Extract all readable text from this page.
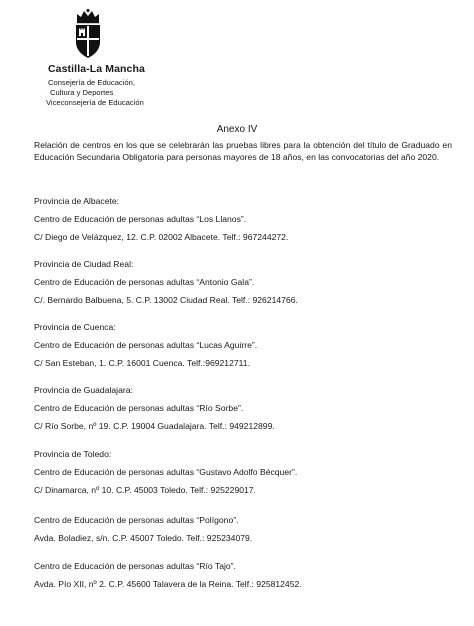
Castilla-La Mancha
Consejería de Educación,
Cultura y Deportes
Viceconsejería de Educación
Anexo IV
Relación de centros en los que se celebrarán las pruebas libres para la obtención del título de Graduado en Educación Secundaria Obligatoria para personas mayores de 18 años, en las convocatorias del año 2020.

Provincia de Albacete:

Centro de Educación de personas adultas “Los Llanos”.

C/ Diego de Velázquez, 12. C.P. 02002 Albacete. Telf.: 967244272.

Provincia de Ciudad Real:

Centro de Educación de personas adultas “Antonio Gala”.

C/. Bernardo Balbuena, 5. C.P. 13002 Ciudad Real. Telf.: 926214766.

Provincia de Cuenca:

Centro de Educación de personas adultas “Lucas Aguirre”.

C/ San Esteban, 1. C.P. 16001 Cuenca. Telf.:969212711.

Provincia de Guadalajara:

Centro de Educación de personas adultas “Río Sorbe”.

C/ Río Sorbe, nº 19. C.P. 19004 Guadalajara. Telf.: 949212899.

Provincia de Toledo:

Centro de Educación de personas adultas “Gustavo Adolfo Bécquer”.

C/ Dinamarca, nº 10. C.P. 45003 Toledo. Telf.: 925229017.

Centro de Educación de personas adultas “Polígono”.

Avda. Boladiez, s/n. C.P. 45007 Toledo. Telf.: 925234079.

Centro de Educación de personas adultas “Río Tajo”.

Avda. Pío XII, nº 2. C.P. 45600 Talavera de la Reina. Telf.: 925812452.
